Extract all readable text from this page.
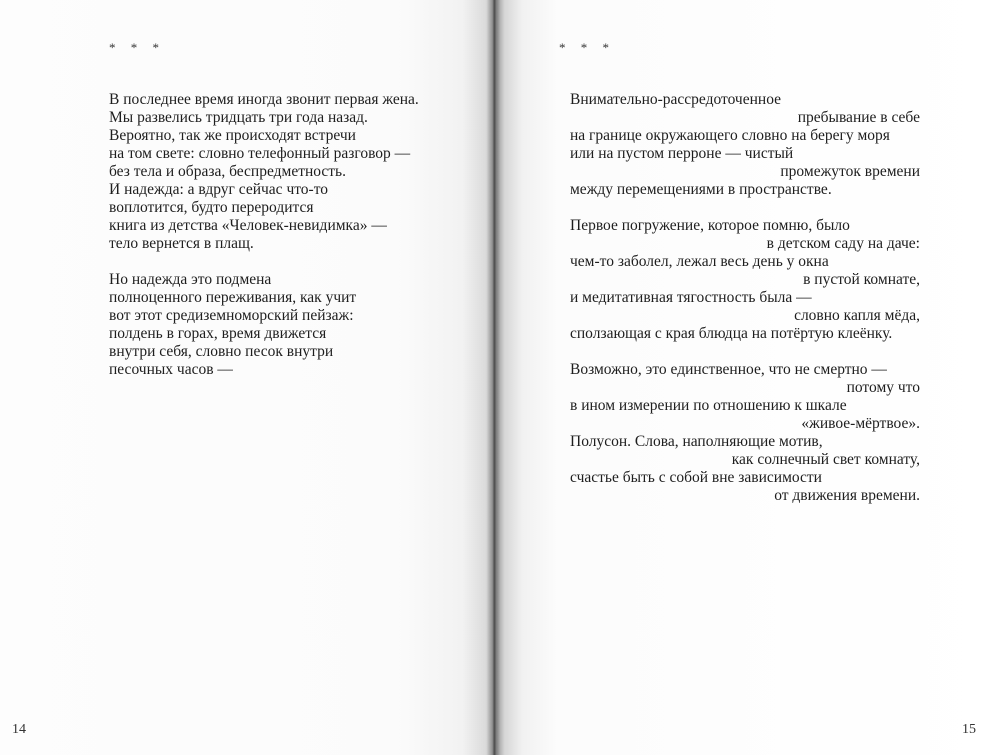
* * *
В последнее время иногда звонит первая жена.
Мы развелись тридцать три года назад.
Вероятно, так же происходят встречи
на том свете: словно телефонный разговор —
без тела и образа, беспредметность.
И надежда: а вдруг сейчас что-то
воплотится, будто переродится
книга из детства «Человек-невидимка» —
тело вернется в плащ.
Но надежда это подмена
полноценного переживания, как учит
вот этот средиземноморский пейзаж:
полдень в горах, время движется
внутри себя, словно песок внутри
песочных часов —
14
* * *
Внимательно-рассредоточенное
пребывание в себе
на границе окружающего словно на берегу моря
или на пустом перроне — чистый
промежуток времени
между перемещениями в пространстве.
Первое погружение, которое помню, было
в детском саду на даче:
чем-то заболел, лежал весь день у окна
в пустой комнате,
и медитативная тягостность была —
словно капля мёда,
сползающая с края блюдца на потёртую клеёнку.
Возможно, это единственное, что не смертно —
потому что
в ином измерении по отношению к шкале
«живое-мёртвое».
Полусон. Слова, наполняющие мотив,
как солнечный свет комнату,
счастье быть с собой вне зависимости
от движения времени.
15
